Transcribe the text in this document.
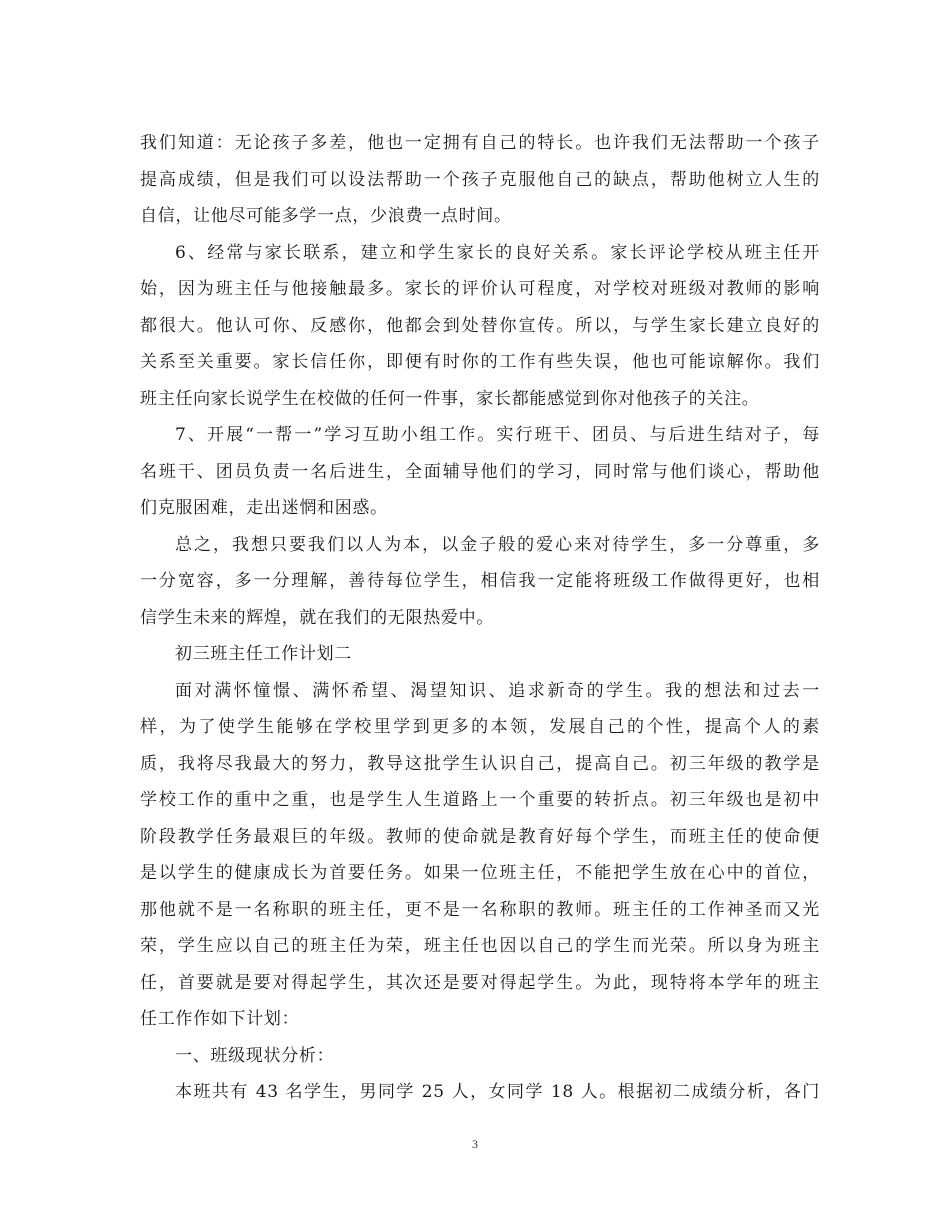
我们知道：无论孩子多差，他也一定拥有自己的特长。也许我们无法帮助一个孩子
提高成绩，但是我们可以设法帮助一个孩子克服他自己的缺点，帮助他树立人生的
自信，让他尽可能多学一点，少浪费一点时间。
6、经常与家长联系，建立和学生家长的良好关系。家长评论学校从班主任开
始，因为班主任与他接触最多。家长的评价认可程度，对学校对班级对教师的影响
都很大。他认可你、反感你，他都会到处替你宣传。所以，与学生家长建立良好的
关系至关重要。家长信任你，即便有时你的工作有些失误，他也可能谅解你。我们
班主任向家长说学生在校做的任何一件事，家长都能感觉到你对他孩子的关注。
7、开展“一帮一”学习互助小组工作。实行班干、团员、与后进生结对子，每
名班干、团员负责一名后进生，全面辅导他们的学习，同时常与他们谈心，帮助他
们克服困难，走出迷惘和困惑。
总之，我想只要我们以人为本，以金子般的爱心来对待学生，多一分尊重，多
一分宽容，多一分理解，善待每位学生，相信我一定能将班级工作做得更好，也相
信学生未来的辉煌，就在我们的无限热爱中。
初三班主任工作计划二
面对满怀憧憬、满怀希望、渴望知识、追求新奇的学生。我的想法和过去一
样，为了使学生能够在学校里学到更多的本领，发展自己的个性，提高个人的素
质，我将尽我最大的努力，教导这批学生认识自己，提高自己。初三年级的教学是
学校工作的重中之重，也是学生人生道路上一个重要的转折点。初三年级也是初中
阶段教学任务最艰巨的年级。教师的使命就是教育好每个学生，而班主任的使命便
是以学生的健康成长为首要任务。如果一位班主任，不能把学生放在心中的首位，
那他就不是一名称职的班主任，更不是一名称职的教师。班主任的工作神圣而又光
荣，学生应以自己的班主任为荣，班主任也因以自己的学生而光荣。所以身为班主
任，首要就是要对得起学生，其次还是要对得起学生。为此，现特将本学年的班主
任工作作如下计划：
一、班级现状分析：
本班共有 43 名学生，男同学 25 人，女同学 18 人。根据初二成绩分析，各门
3
